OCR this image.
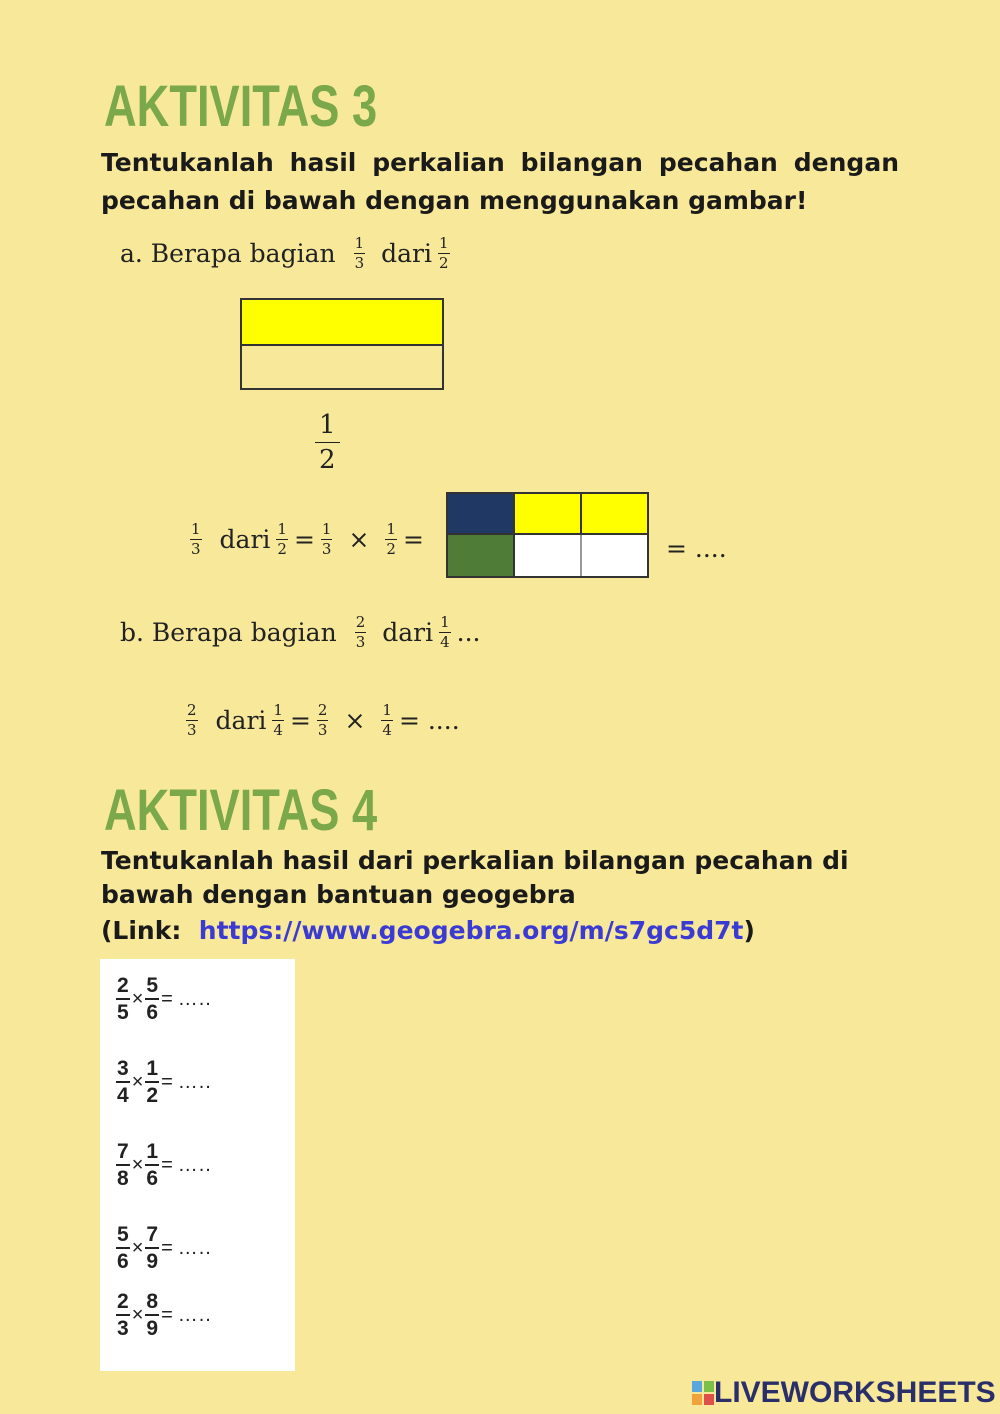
AKTIVITAS 3
Tentukanlah hasil perkalian bilangan pecahan dengan pecahan di bawah dengan menggunakan gambar!
a. Berapa bagian $\frac{1}{3}$ dari $\frac{1}{2}$
$\frac{1}{2}$
$\frac{1}{3}$ dari $\frac{1}{2} = \frac{1}{3} \times \frac{1}{2}$ =	= ....
b. Berapa bagian $\frac{2}{3}$ dari $\frac{1}{4}$ ...
$\frac{2}{3}$ dari $\frac{1}{4} = \frac{2}{3} \times \frac{1}{4}$ = ....
AKTIVITAS 4
Tentukanlah hasil dari perkalian bilangan pecahan di bawah dengan bantuan geogebra
(Link:  https://www.geogebra.org/m/s7gc5d7t)
$\frac{2}{5} \times \frac{5}{6}$ = …..
$\frac{3}{4} \times \frac{1}{2}$ = …..
$\frac{7}{8} \times \frac{1}{6}$ = …..
$\frac{5}{6} \times \frac{7}{9}$ = …..
$\frac{2}{3} \times \frac{8}{9}$ = …..
LIVEWORKSHEETS
